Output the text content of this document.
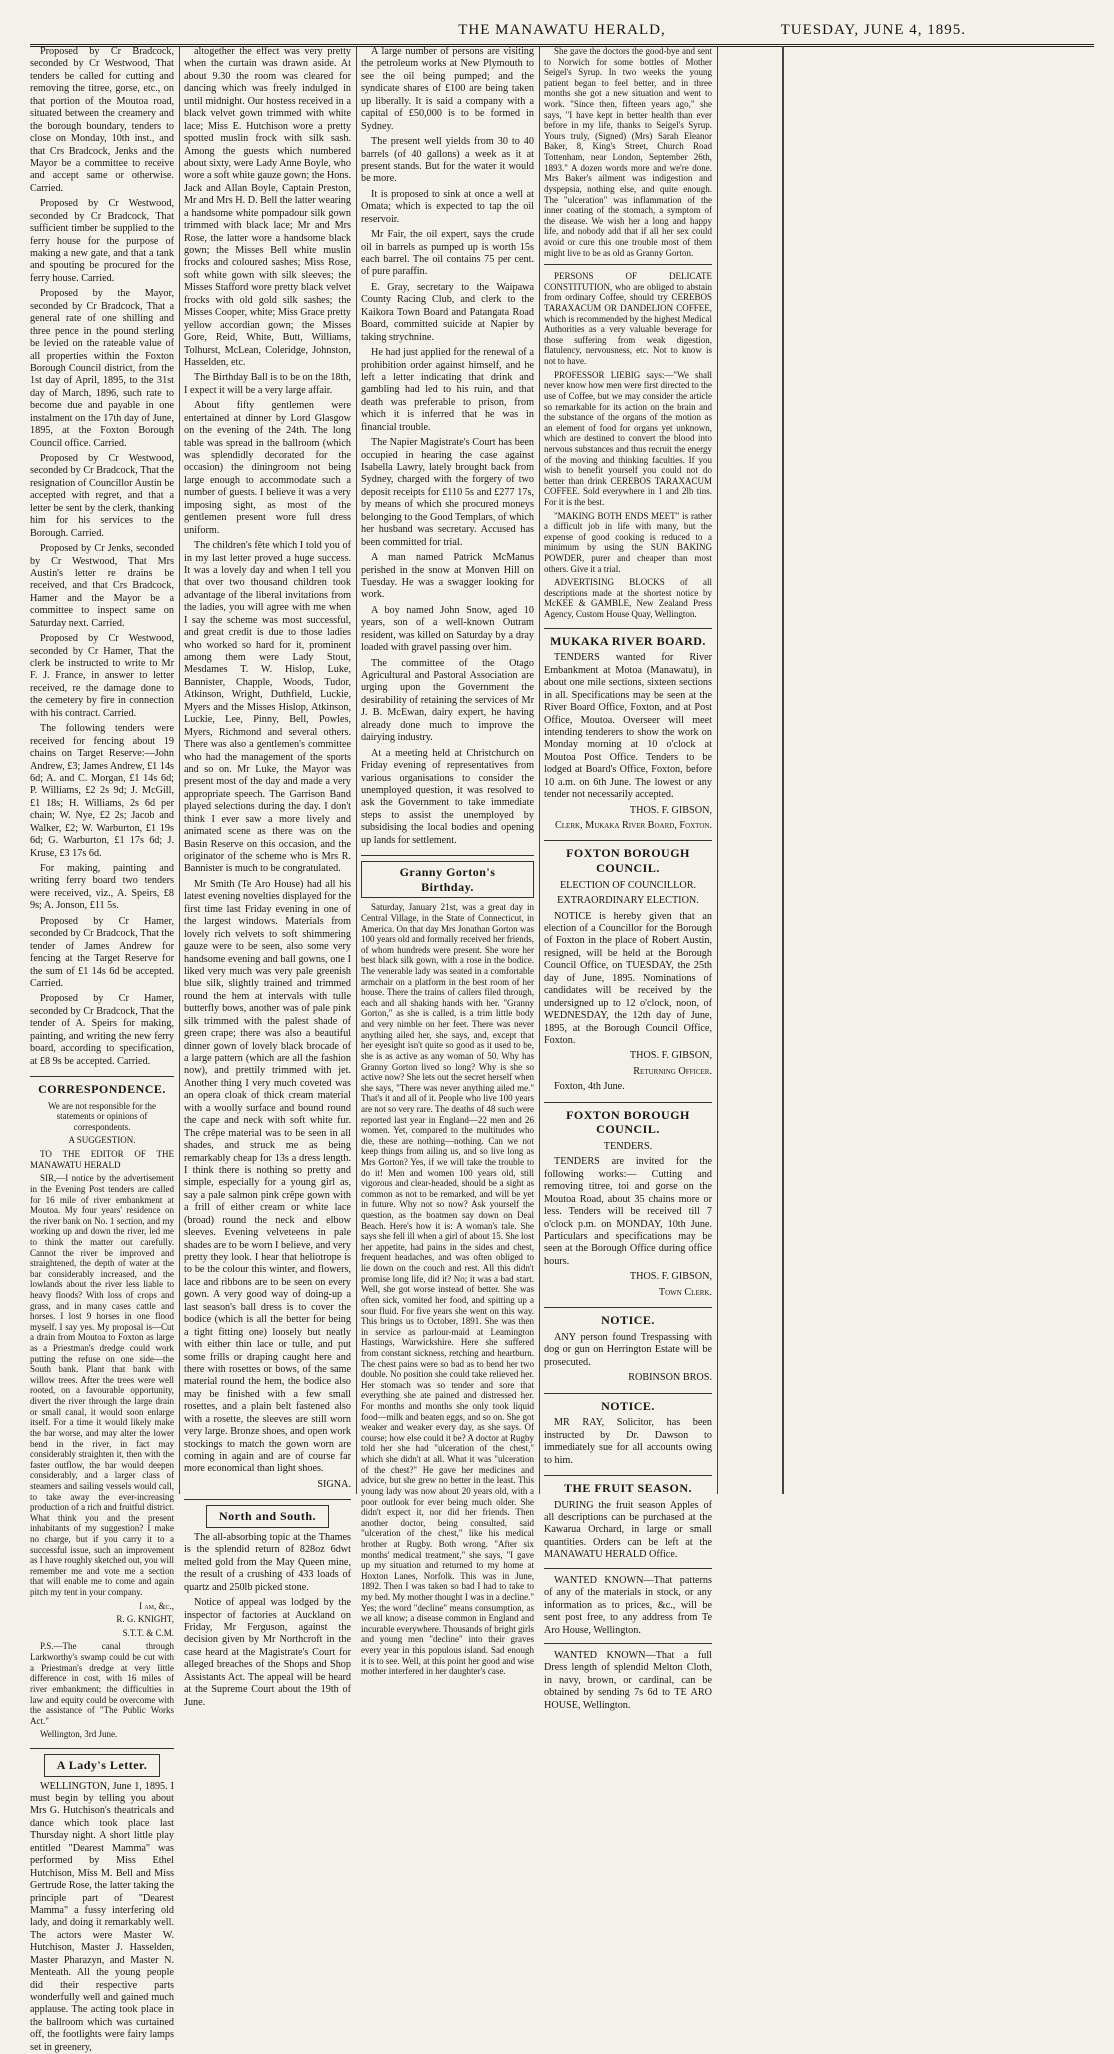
THE MANAWATU HERALD,	TUESDAY, JUNE 4, 1895.

Proposed by Cr Bradcock, seconded by Cr Westwood, That tenders be called for cutting and removing the titree, gorse, etc., on that portion of the Moutoa road, situated between the creamery and the borough boundary, tenders to close on Monday, 10th inst., and that Crs Bradcock, Jenks and the Mayor be a committee to receive and accept same or otherwise. Carried.

Proposed by Cr Westwood, seconded by Cr Bradcock, That sufficient timber be supplied to the ferry house for the purpose of making a new gate, and that a tank and spouting be procured for the ferry house. Carried.

Proposed by the Mayor, seconded by Cr Bradcock, That a general rate of one shilling and three pence in the pound sterling be levied on the rateable value of all properties within the Foxton Borough Council district, from the 1st day of April, 1895, to the 31st day of March, 1896, such rate to become due and payable in one instalment on the 17th day of June, 1895, at the Foxton Borough Council office. Carried.

Proposed by Cr Westwood, seconded by Cr Bradcock, That the resignation of Councillor Austin be accepted with regret, and that a letter be sent by the clerk, thanking him for his services to the Borough. Carried.

Proposed by Cr Jenks, seconded by Cr Westwood, That Mrs Austin's letter re drains be received, and that Crs Bradcock, Hamer and the Mayor be a committee to inspect same on Saturday next. Carried.

Proposed by Cr Westwood, seconded by Cr Hamer, That the clerk be instructed to write to Mr F. J. France, in answer to letter received, re the damage done to the cemetery by fire in connection with his contract. Carried.

The following tenders were received for fencing about 19 chains on Target Reserve:—John Andrew, £3; James Andrew, £1 14s 6d; A. and C. Morgan, £1 14s 6d; P. Williams, £2 2s 9d; J. McGill, £1 18s; H. Williams, 2s 6d per chain; W. Nye, £2 2s; Jacob and Walker, £2; W. Warburton, £1 19s 6d; G. Warburton, £1 17s 6d; J. Kruse, £3 17s 6d.

For making, painting and writing ferry board two tenders were received, viz., A. Speirs, £8 9s; A. Jonson, £11 5s.

Proposed by Cr Hamer, seconded by Cr Bradcock, That the tender of James Andrew for fencing at the Target Reserve for the sum of £1 14s 6d be accepted. Carried.

Proposed by Cr Hamer, seconded by Cr Bradcock, That the tender of A. Speirs for making, painting, and writing the new ferry board, according to specification, at £8 9s be accepted. Carried.

CORRESPONDENCE.

We are not responsible for the statements or opinions of correspondents.

A SUGGESTION.

TO THE EDITOR OF THE MANAWATU HERALD

SIR,—I notice by the advertisement in the Evening Post tenders are called for 16 mile of river embankment at Moutoa. My four years' residence on the river bank on No. 1 section, and my working up and down the river, led me to think the matter out carefully. Cannot the river be improved and straightened, the depth of water at the bar considerably increased, and the lowlands about the river less liable to heavy floods? With loss of crops and grass, and in many cases cattle and horses. I lost 9 horses in one flood myself. I say yes. My proposal is—Cut a drain from Moutoa to Foxton as large as a Priestman's dredge could work putting the refuse on one side—the South bank. Plant that bank with willow trees. After the trees were well rooted, on a favourable opportunity, divert the river through the large drain or small canal, it would soon enlarge itself. For a time it would likely make the bar worse, and may alter the lower bend in the river, in fact may considerably straighten it, then with the faster outflow, the bar would deepen considerably, and a larger class of steamers and sailing vessels would call, to take away the ever-increasing production of a rich and fruitful district. What think you and the present inhabitants of my suggestion? I make no charge, but if you carry it to a successful issue, such an improvement as I have roughly sketched out, you will remember me and vote me a section that will enable me to come and again pitch my tent in your company.

I am, &c.,

R. G. KNIGHT,

S.T.T. & C.M.

P.S.—The canal through Larkworthy's swamp could be cut with a Priestman's dredge at very little difference in cost, with 16 miles of river embankment; the difficulties in law and equity could be overcome with the assistance of "The Public Works Act."

Wellington, 3rd June.

A Lady's Letter.

WELLINGTON, June 1, 1895. I must begin by telling you about Mrs G. Hutchison's theatricals and dance which took place last Thursday night. A short little play entitled "Dearest Mamma" was performed by Miss Ethel Hutchison, Miss M. Bell and Miss Gertrude Rose, the latter taking the principle part of "Dearest Mamma" a fussy interfering old lady, and doing it remarkably well. The actors were Master W. Hutchison, Master J. Hasselden, Master Pharazyn, and Master N. Menteath. All the young people did their respective parts wonderfully well and gained much applause. The acting took place in the ballroom which was curtained off, the footlights were fairy lamps set in greenery,

altogether the effect was very pretty when the curtain was drawn aside. At about 9.30 the room was cleared for dancing which was freely indulged in until midnight. Our hostess received in a black velvet gown trimmed with white lace; Miss E. Hutchison wore a pretty spotted muslin frock with silk sash. Among the guests which numbered about sixty, were Lady Anne Boyle, who wore a soft white gauze gown; the Hons. Jack and Allan Boyle, Captain Preston, Mr and Mrs H. D. Bell the latter wearing a handsome white pompadour silk gown trimmed with black lace; Mr and Mrs Rose, the latter wore a handsome black gown; the Misses Bell white muslin frocks and coloured sashes; Miss Rose, soft white gown with silk sleeves; the Misses Stafford wore pretty black velvet frocks with old gold silk sashes; the Misses Cooper, white; Miss Grace pretty yellow accordian gown; the Misses Gore, Reid, White, Butt, Williams, Tolhurst, McLean, Coleridge, Johnston, Hasselden, etc.

The Birthday Ball is to be on the 18th, I expect it will be a very large affair.

About fifty gentlemen were entertained at dinner by Lord Glasgow on the evening of the 24th. The long table was spread in the ballroom (which was splendidly decorated for the occasion) the diningroom not being large enough to accommodate such a number of guests. I believe it was a very imposing sight, as most of the gentlemen present wore full dress uniform.

The children's fête which I told you of in my last letter proved a huge success. It was a lovely day and when I tell you that over two thousand children took advantage of the liberal invitations from the ladies, you will agree with me when I say the scheme was most successful, and great credit is due to those ladies who worked so hard for it, prominent among them were Lady Stout, Mesdames T. W. Hislop, Luke, Bannister, Chapple, Woods, Tudor, Atkinson, Wright, Duthfield, Luckie, Myers and the Misses Hislop, Atkinson, Luckie, Lee, Pinny, Bell, Powles, Myers, Richmond and several others. There was also a gentlemen's committee who had the management of the sports and so on. Mr Luke, the Mayor was present most of the day and made a very appropriate speech. The Garrison Band played selections during the day. I don't think I ever saw a more lively and animated scene as there was on the Basin Reserve on this occasion, and the originator of the scheme who is Mrs R. Bannister is much to be congratulated.

Mr Smith (Te Aro House) had all his latest evening novelties displayed for the first time last Friday evening in one of the largest windows. Materials from lovely rich velvets to soft shimmering gauze were to be seen, also some very handsome evening and ball gowns, one I liked very much was very pale greenish blue silk, slightly trained and trimmed round the hem at intervals with tulle butterfly bows, another was of pale pink silk trimmed with the palest shade of green crape; there was also a beautiful dinner gown of lovely black brocade of a large pattern (which are all the fashion now), and prettily trimmed with jet. Another thing I very much coveted was an opera cloak of thick cream material with a woolly surface and bound round the cape and neck with soft white fur. The crêpe material was to be seen in all shades, and struck me as being remarkably cheap for 13s a dress length. I think there is nothing so pretty and simple, especially for a young girl as, say a pale salmon pink crêpe gown with a frill of either cream or white lace (broad) round the neck and elbow sleeves. Evening velveteens in pale shades are to be worn I believe, and very pretty they look. I hear that heliotrope is to be the colour this winter, and flowers, lace and ribbons are to be seen on every gown. A very good way of doing-up a last season's ball dress is to cover the bodice (which is all the better for being a tight fitting one) loosely but neatly with either thin lace or tulle, and put some frills or draping caught here and there with rosettes or bows, of the same material round the hem, the bodice also may be finished with a few small rosettes, and a plain belt fastened also with a rosette, the sleeves are still worn very large. Bronze shoes, and open work stockings to match the gown worn are coming in again and are of course far more economical than light shoes.

SIGNA.

North and South.

The all-absorbing topic at the Thames is the splendid return of 828oz 6dwt melted gold from the May Queen mine, the result of a crushing of 433 loads of quartz and 250lb picked stone.

Notice of appeal was lodged by the inspector of factories at Auckland on Friday, Mr Ferguson, against the decision given by Mr Northcroft in the case heard at the Magistrate's Court for alleged breaches of the Shops and Shop Assistants Act. The appeal will be heard at the Supreme Court about the 19th of June.

A large number of persons are visiting the petroleum works at New Plymouth to see the oil being pumped; and the syndicate shares of £100 are being taken up liberally. It is said a company with a capital of £50,000 is to be formed in Sydney.

The present well yields from 30 to 40 barrels (of 40 gallons) a week as it at present stands. But for the water it would be more.

It is proposed to sink at once a well at Omata; which is expected to tap the oil reservoir.

Mr Fair, the oil expert, says the crude oil in barrels as pumped up is worth 15s each barrel. The oil contains 75 per cent. of pure paraffin.

E. Gray, secretary to the Waipawa County Racing Club, and clerk to the Kaikora Town Board and Patangata Road Board, committed suicide at Napier by taking strychnine.

He had just applied for the renewal of a prohibition order against himself, and he left a letter indicating that drink and gambling had led to his ruin, and that death was preferable to prison, from which it is inferred that he was in financial trouble.

The Napier Magistrate's Court has been occupied in hearing the case against Isabella Lawry, lately brought back from Sydney, charged with the forgery of two deposit receipts for £110 5s and £277 17s, by means of which she procured moneys belonging to the Good Templars, of which her husband was secretary. Accused has been committed for trial.

A man named Patrick McManus perished in the snow at Monven Hill on Tuesday. He was a swagger looking for work.

A boy named John Snow, aged 10 years, son of a well-known Outram resident, was killed on Saturday by a dray loaded with gravel passing over him.

The committee of the Otago Agricultural and Pastoral Association are urging upon the Government the desirability of retaining the services of Mr J. B. McEwan, dairy expert, he having already done much to improve the dairying industry.

At a meeting held at Christchurch on Friday evening of representatives from various organisations to consider the unemployed question, it was resolved to ask the Government to take immediate steps to assist the unemployed by subsidising the local bodies and opening up lands for settlement.

Granny Gorton's Birthday.

Saturday, January 21st, was a great day in Central Village, in the State of Connecticut, in America. On that day Mrs Jonathan Gorton was 100 years old and formally received her friends, of whom hundreds were present. She wore her best black silk gown, with a rose in the bodice. The venerable lady was seated in a comfortable armchair on a platform in the best room of her house. There the trains of callers filed through, each and all shaking hands with her. "Granny Gorton," as she is called, is a trim little body and very nimble on her feet. There was never anything ailed her, she says, and, except that her eyesight isn't quite so good as it used to be, she is as active as any woman of 50. Why has Granny Gorton lived so long? Why is she so active now? She lets out the secret herself when she says, "There was never anything ailed me." That's it and all of it. People who live 100 years are not so very rare. The deaths of 48 such were reported last year in England—22 men and 26 women. Yet, compared to the multitudes who die, these are nothing—nothing. Can we not keep things from ailing us, and so live long as Mrs Gorton? Yes, if we will take the trouble to do it! Men and women 100 years old, still vigorous and clear-headed, should be a sight as common as not to be remarked, and will be yet in future. Why not so now? Ask yourself the question, as the boatmen say down on Deal Beach. Here's how it is: A woman's tale. She says she fell ill when a girl of about 15. She lost her appetite, had pains in the sides and chest, frequent headaches, and was often obliged to lie down on the couch and rest. All this didn't promise long life, did it? No; it was a bad start. Well, she got worse instead of better. She was often sick, vomited her food, and spitting up a sour fluid. For five years she went on this way. This brings us to October, 1891. She was then in service as parlour-maid at Leamington Hastings, Warwickshire. Here she suffered from constant sickness, retching and heartburn. The chest pains were so bad as to bend her two double. No position she could take relieved her. Her stomach was so tender and sore that everything she ate pained and distressed her. For months and months she only took liquid food—milk and beaten eggs, and so on. She got weaker and weaker every day, as she says. Of course; how else could it be? A doctor at Rugby told her she had "ulceration of the chest," which she didn't at all. What it was "ulceration of the chest?" He gave her medicines and advice, but she grew no better in the least. This young lady was now about 20 years old, with a poor outlook for ever being much older. She didn't expect it, nor did her friends. Then another doctor, being consulted, said "ulceration of the chest," like his medical brother at Rugby. Both wrong. "After six months' medical treatment," she says, "I gave up my situation and returned to my home at Hoxton Lanes, Norfolk. This was in June, 1892. Then I was taken so bad I had to take to my bed. My mother thought I was in a decline." Yes; the word "decline" means consumption, as we all know; a disease common in England and incurable everywhere. Thousands of bright girls and young men "decline" into their graves every year in this populous island. Sad enough it is to see. Well, at this point her good and wise mother interfered in her daughter's case.

She gave the doctors the good-bye and sent to Norwich for some bottles of Mother Seigel's Syrup. In two weeks the young patient began to feel better, and in three months she got a new situation and went to work. "Since then, fifteen years ago," she says, "I have kept in better health than ever before in my life, thanks to Seigel's Syrup. Yours truly, (Signed) (Mrs) Sarah Eleanor Baker, 8, King's Street, Church Road Tottenham, near London, September 26th, 1893." A dozen words more and we're done. Mrs Baker's ailment was indigestion and dyspepsia, nothing else, and quite enough. The "ulceration" was inflammation of the inner coating of the stomach, a symptom of the disease. We wish her a long and happy life, and nobody add that if all her sex could avoid or cure this one trouble most of them might live to be as old as Granny Gorton.

PERSONS OF DELICATE CONSTITUTION, who are obliged to abstain from ordinary Coffee, should try CEREBOS TARAXACUM OR DANDELION COFFEE, which is recommended by the highest Medical Authorities as a very valuable beverage for those suffering from weak digestion, flatulency, nervousness, etc. Not to know is not to have.

PROFESSOR LIEBIG says:—"We shall never know how men were first directed to the use of Coffee, but we may consider the article so remarkable for its action on the brain and the substance of the organs of the motion as an element of food for organs yet unknown, which are destined to convert the blood into nervous substances and thus recruit the energy of the moving and thinking faculties. If you wish to benefit yourself you could not do better than drink CEREBOS TARAXACUM COFFEE. Sold everywhere in 1 and 2lb tins. For it is the best.

"MAKING BOTH ENDS MEET" is rather a difficult job in life with many, but the expense of good cooking is reduced to a minimum by using the SUN BAKING POWDER, purer and cheaper than most others. Give it a trial.

ADVERTISING BLOCKS of all descriptions made at the shortest notice by McKEE & GAMBLE, New Zealand Press Agency, Custom House Quay, Wellington.

MUKAKA RIVER BOARD.

TENDERS wanted for River Embankment at Motoa (Manawatu), in about one mile sections, sixteen sections in all. Specifications may be seen at the River Board Office, Foxton, and at Post Office, Moutoa. Overseer will meet intending tenderers to show the work on Monday morning at 10 o'clock at Moutoa Post Office. Tenders to be lodged at Board's Office, Foxton, before 10 a.m. on 6th June. The lowest or any tender not necessarily accepted.

THOS. F. GIBSON,

Clerk, Mukaka River Board, Foxton.

FOXTON BOROUGH COUNCIL.

ELECTION OF COUNCILLOR.

EXTRAORDINARY ELECTION.

NOTICE is hereby given that an election of a Councillor for the Borough of Foxton in the place of Robert Austin, resigned, will be held at the Borough Council Office, on TUESDAY, the 25th day of June, 1895. Nominations of candidates will be received by the undersigned up to 12 o'clock, noon, of WEDNESDAY, the 12th day of June, 1895, at the Borough Council Office, Foxton.

THOS. F. GIBSON,

Returning Officer.

Foxton, 4th June.

FOXTON BOROUGH COUNCIL.

TENDERS.

TENDERS are invited for the following works:— Cutting and removing titree, toi and gorse on the Moutoa Road, about 35 chains more or less. Tenders will be received till 7 o'clock p.m. on MONDAY, 10th June. Particulars and specifications may be seen at the Borough Office during office hours.

THOS. F. GIBSON,

Town Clerk.

NOTICE.

ANY person found Trespassing with dog or gun on Herrington Estate will be prosecuted.

ROBINSON BROS.

NOTICE.

MR RAY, Solicitor, has been instructed by Dr. Dawson to immediately sue for all accounts owing to him.

THE FRUIT SEASON.

DURING the fruit season Apples of all descriptions can be purchased at the Kawarua Orchard, in large or small quantities. Orders can be left at the MANAWATU HERALD Office.

WANTED KNOWN—That patterns of any of the materials in stock, or any information as to prices, &c., will be sent post free, to any address from Te Aro House, Wellington.

WANTED KNOWN—That a full Dress length of splendid Melton Cloth, in navy, brown, or cardinal, can be obtained by sending 7s 6d to TE ARO HOUSE, Wellington.
